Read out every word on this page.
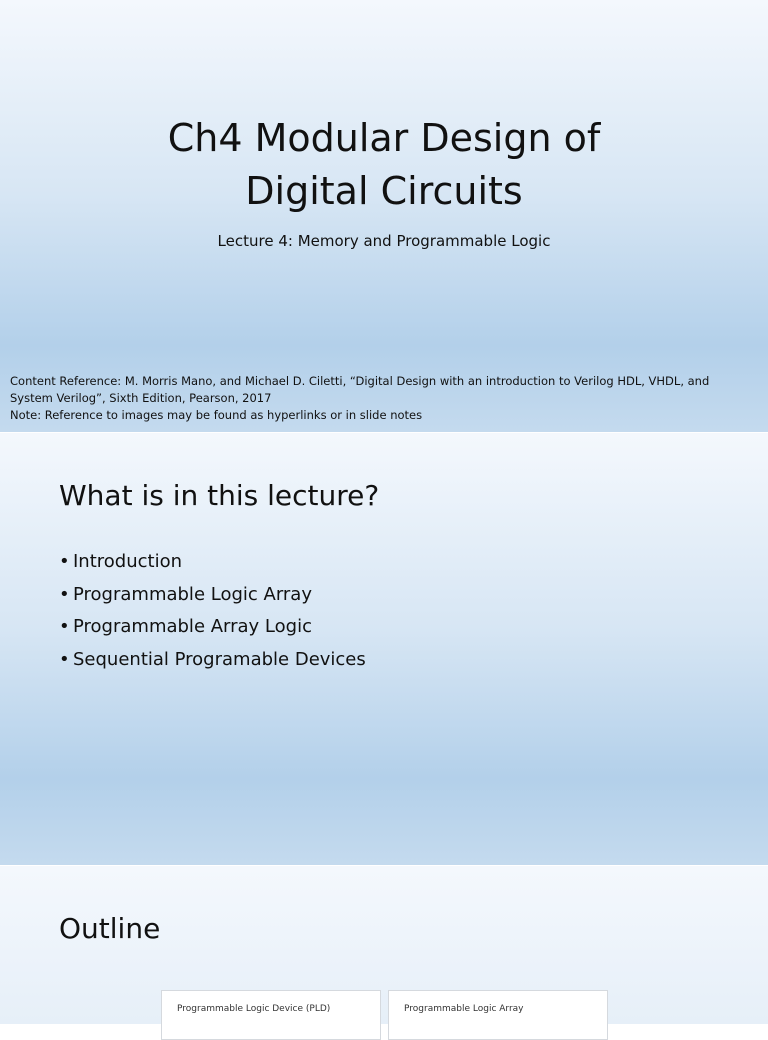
Ch4 Modular Design of
Digital Circuits
Lecture 4: Memory and Programmable Logic
Content Reference: M. Morris Mano, and Michael D. Ciletti, “Digital Design with an introduction to Verilog HDL, VHDL, and
System Verilog”, Sixth Edition, Pearson, 2017
Note: Reference to images may be found as hyperlinks or in slide notes
What is in this lecture?
• Introduction
• Programmable Logic Array
• Programmable Array Logic
• Sequential Programable Devices
Outline
Programmable Logic Device (PLD)	Programmable Logic Array
